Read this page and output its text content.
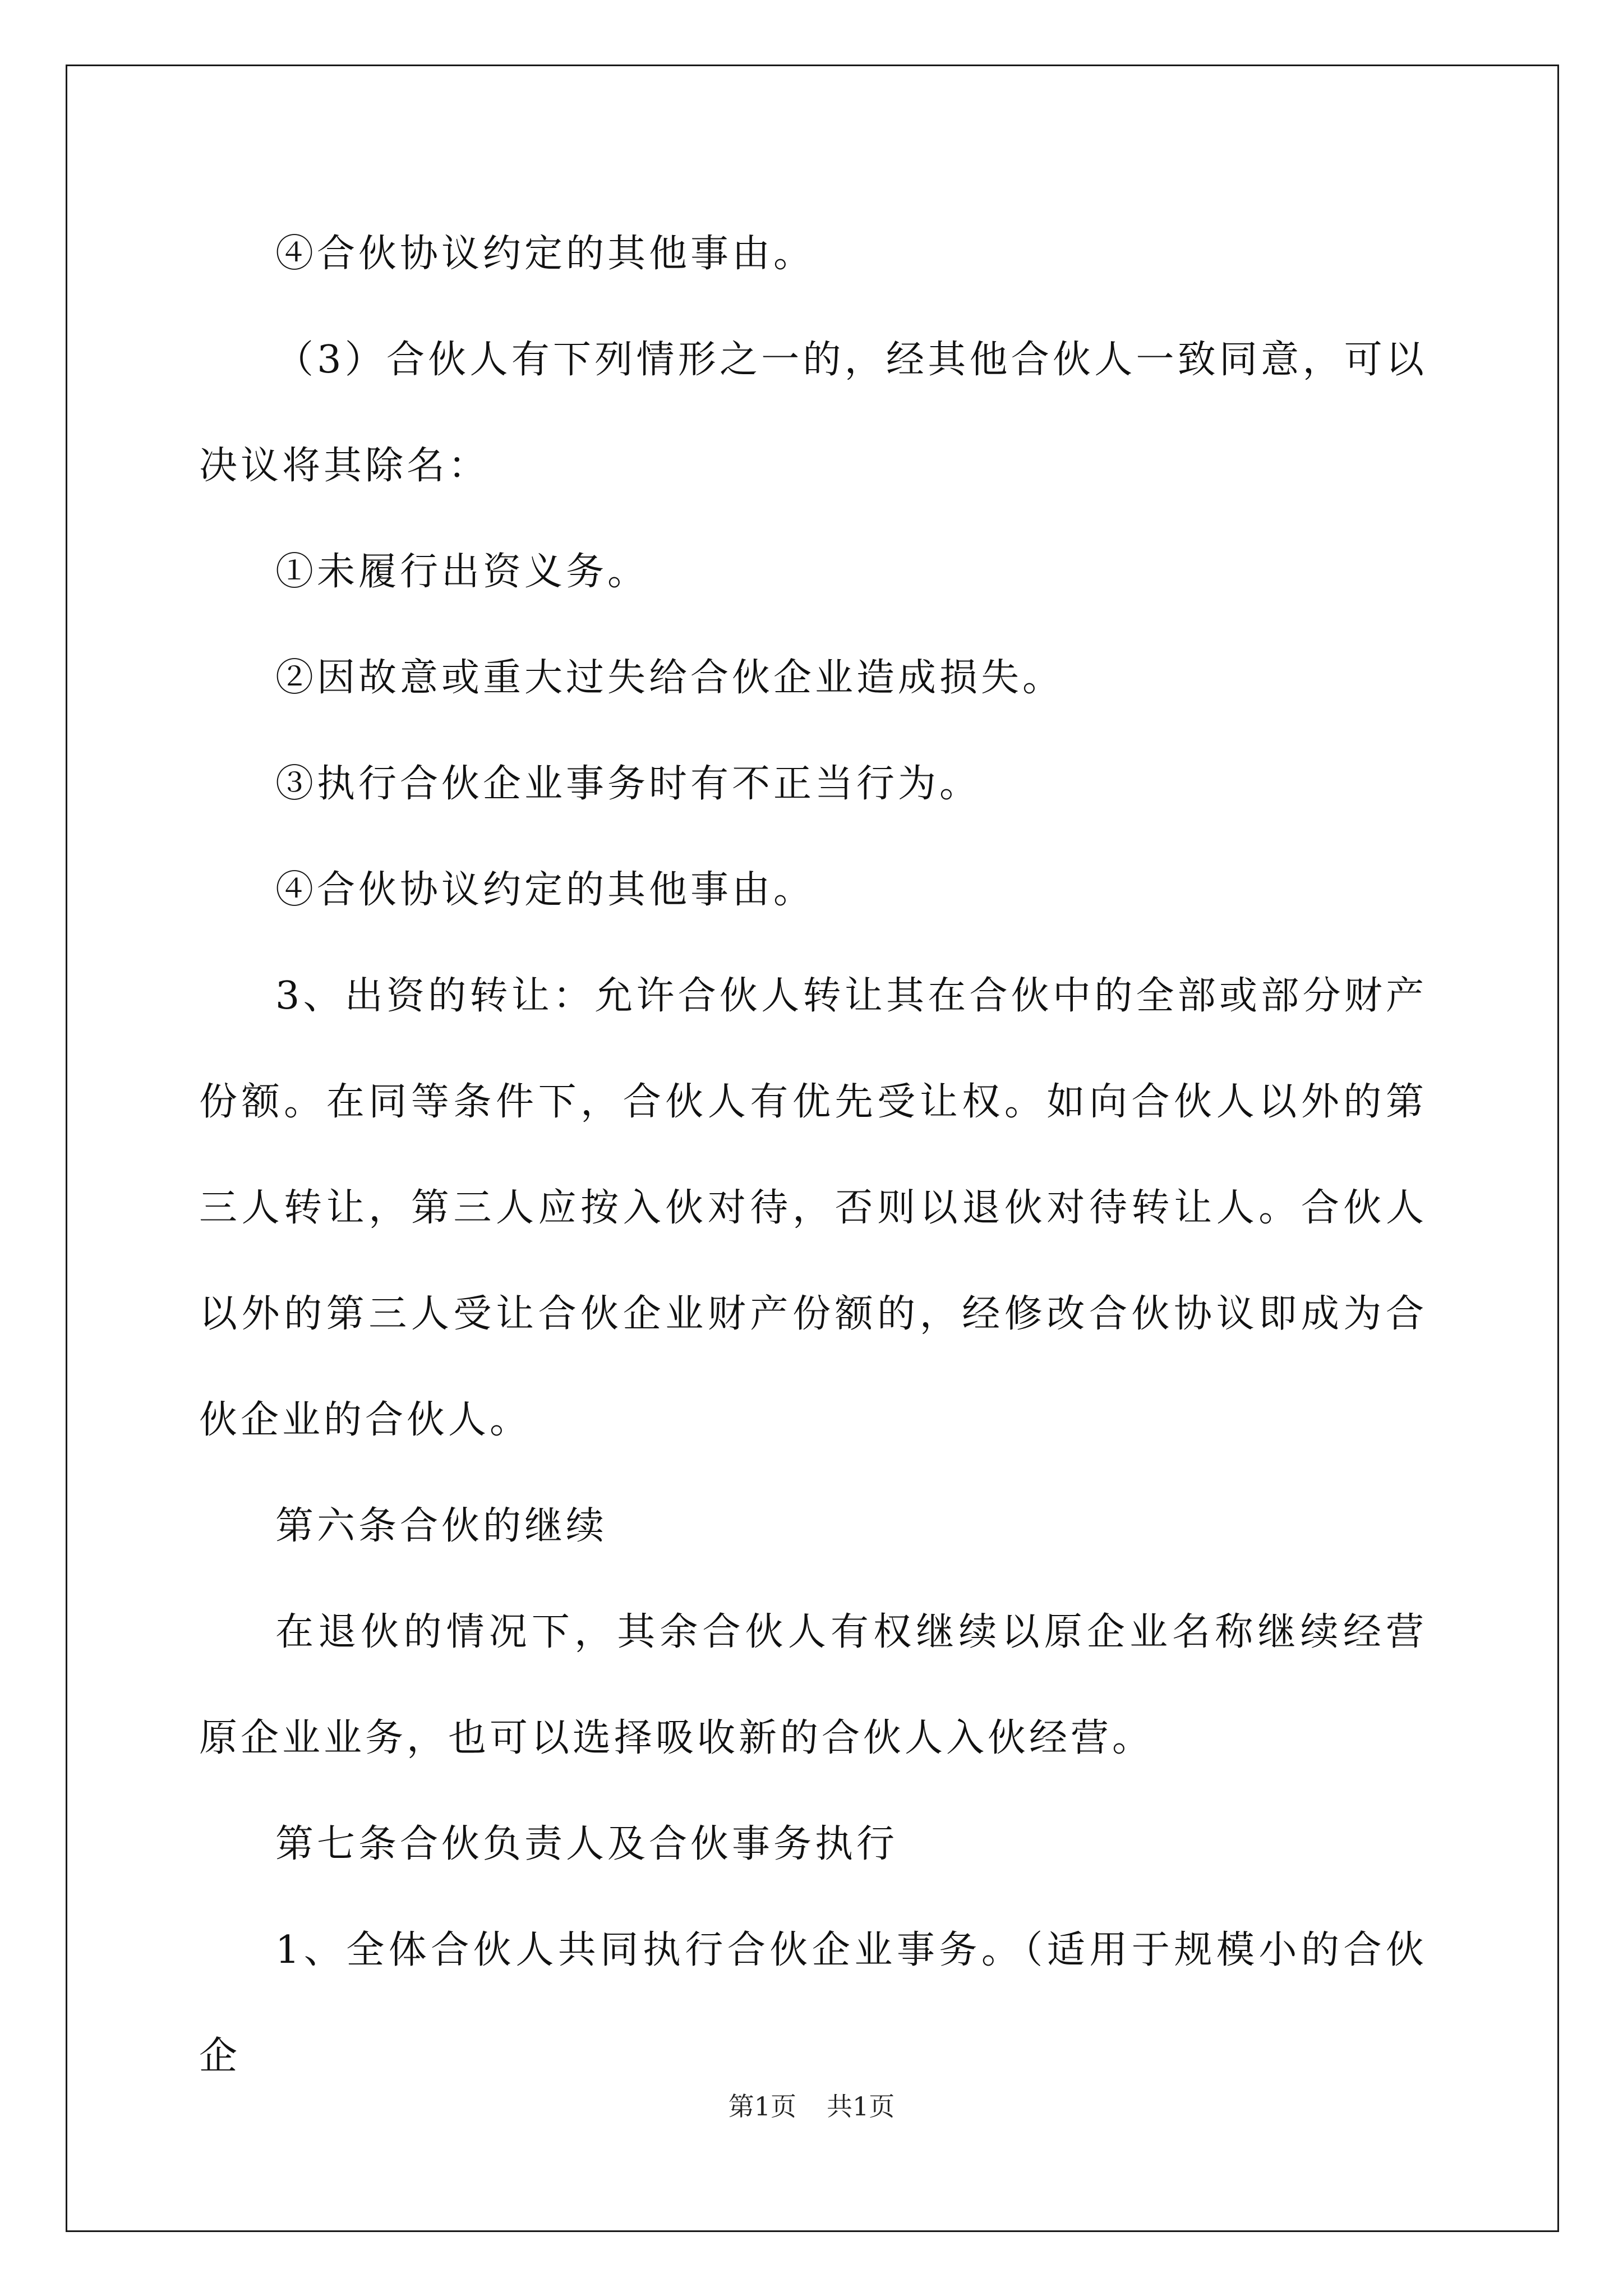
④合伙协议约定的其他事由。

（3）合伙人有下列情形之一的，经其他合伙人一致同意，可以决议将其除名：

①未履行出资义务。

②因故意或重大过失给合伙企业造成损失。

③执行合伙企业事务时有不正当行为。

④合伙协议约定的其他事由。

3、出资的转让：允许合伙人转让其在合伙中的全部或部分财产份额。在同等条件下，合伙人有优先受让权。如向合伙人以外的第三人转让，第三人应按入伙对待，否则以退伙对待转让人。合伙人以外的第三人受让合伙企业财产份额的，经修改合伙协议即成为合伙企业的合伙人。

第六条合伙的继续

在退伙的情况下，其余合伙人有权继续以原企业名称继续经营原企业业务，也可以选择吸收新的合伙人入伙经营。

第七条合伙负责人及合伙事务执行

1、全体合伙人共同执行合伙企业事务。（适用于规模小的合伙企

第1页 共1页
